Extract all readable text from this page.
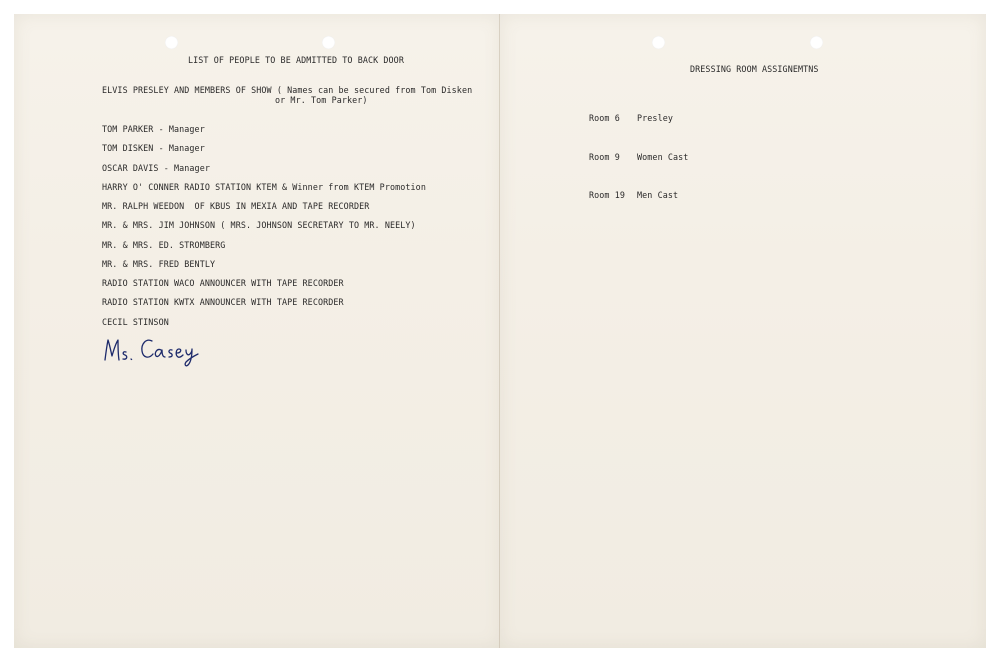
LIST OF PEOPLE TO BE ADMITTED TO BACK DOOR
ELVIS PRESLEY AND MEMBERS OF SHOW ( Names can be secured from Tom Disken
or Mr. Tom Parker)
TOM PARKER - Manager
TOM DISKEN - Manager
OSCAR DAVIS - Manager
HARRY O' CONNER RADIO STATION KTEM & Winner from KTEM Promotion
MR. RALPH WEEDON  OF KBUS IN MEXIA AND TAPE RECORDER
MR. & MRS. JIM JOHNSON ( MRS. JOHNSON SECRETARY TO MR. NEELY)
MR. & MRS. ED. STROMBERG
MR. & MRS. FRED BENTLY
RADIO STATION WACO ANNOUNCER WITH TAPE RECORDER
RADIO STATION KWTX ANNOUNCER WITH TAPE RECORDER
CECIL STINSON
DRESSING ROOM ASSIGNEMTNS
Room 6 Presley
Room 9 Women Cast
Room 19 Men Cast
